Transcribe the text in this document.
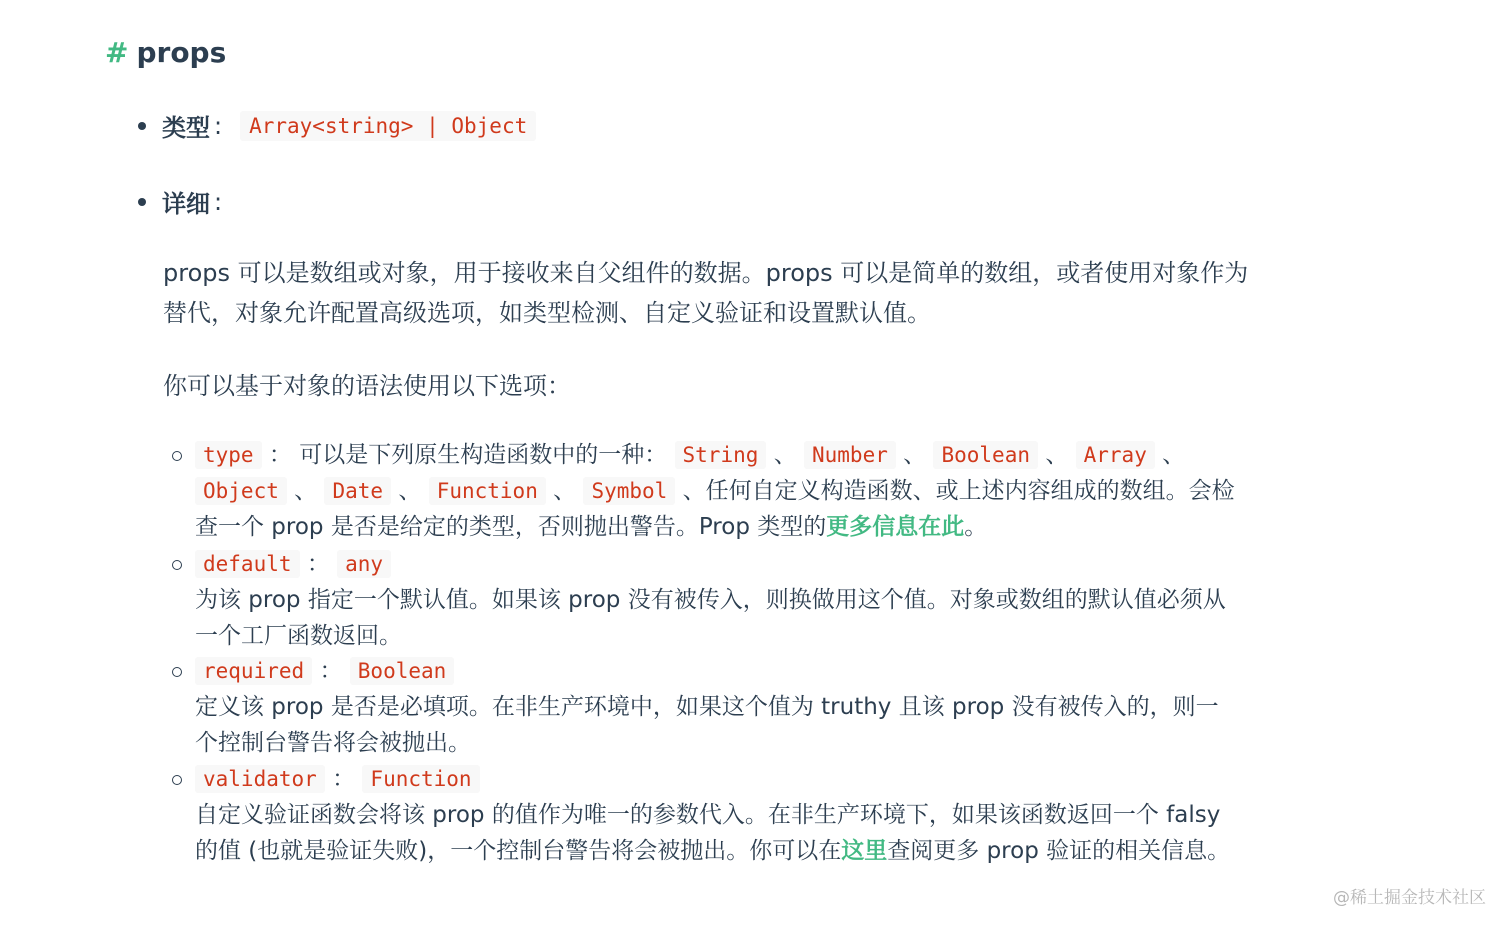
# props
类型 :	Array<string> | Object
详细 :
props 可以是数组或对象，用于接收来自父组件的数据。props 可以是简单的数组，或者使用对象作为替代，对象允许配置高级选项，如类型检测、自定义验证和设置默认值。
你可以基于对象的语法使用以下选项：
type ： 可以是下列原生构造函数中的一种： String 、 Number 、 Boolean 、 Array 、 Object 、 Date 、 Function 、 Symbol 、任何自定义构造函数、或上述内容组成的数组。会检查一个 prop 是否是给定的类型，否则抛出警告。Prop 类型的更多信息在此。
default ： any
为该 prop 指定一个默认值。如果该 prop 没有被传入，则换做用这个值。对象或数组的默认值必须从一个工厂函数返回。
required ： Boolean
定义该 prop 是否是必填项。在非生产环境中，如果这个值为 truthy 且该 prop 没有被传入的，则一个控制台警告将会被抛出。
validator ： Function
自定义验证函数会将该 prop 的值作为唯一的参数代入。在非生产环境下，如果该函数返回一个 falsy 的值 (也就是验证失败)，一个控制台警告将会被抛出。你可以在这里查阅更多 prop 验证的相关信息。
@稀土掘金技术社区
